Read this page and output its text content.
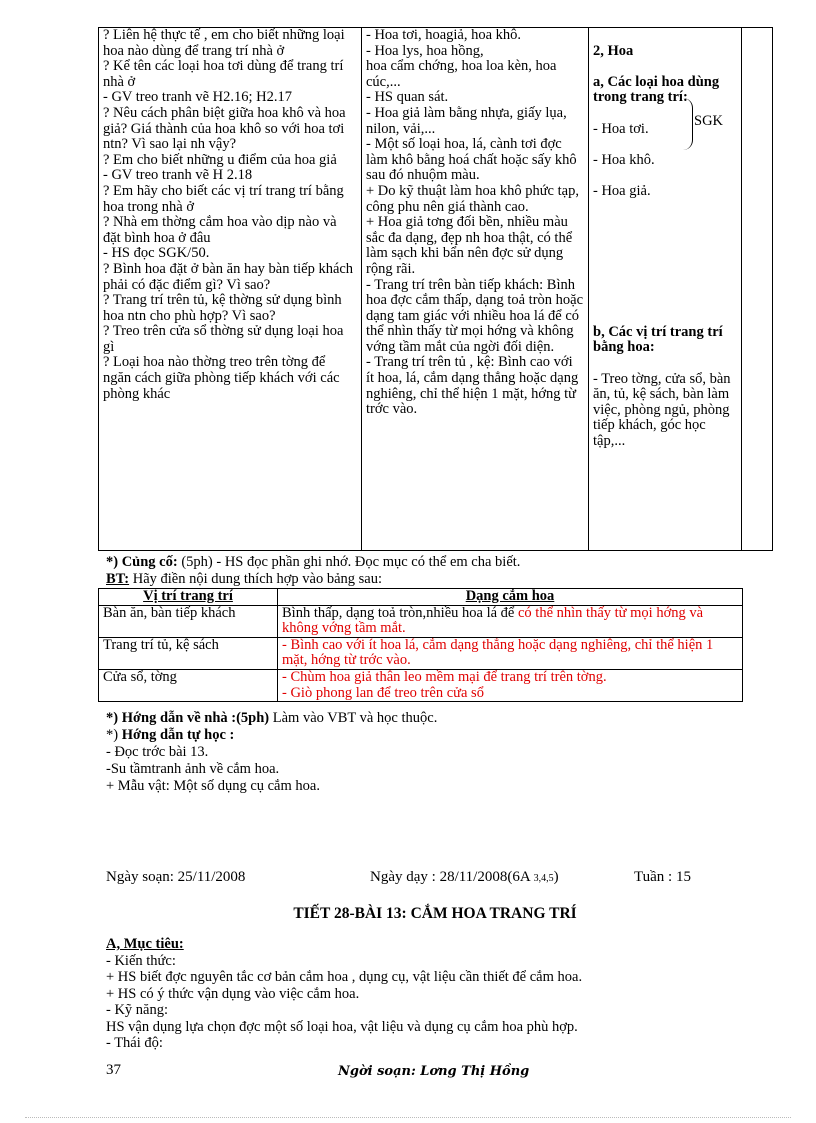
? Liên hệ thực tế , em cho biết những loại hoa nào dùng để trang trí nhà ở
? Kể tên các loại hoa tơi dùng để trang trí nhà ở
- GV treo tranh vẽ H2.16; H2.17
? Nêu cách phân biệt giữa hoa khô và hoa giả? Giá thành của hoa khô so với hoa tơi ntn? Vì sao lại nh vậy?
? Em cho biết những u điểm của hoa giả
- GV treo tranh vẽ H 2.18
? Em hãy cho biết các vị trí trang trí bằng hoa trong nhà ở
? Nhà em thờng cắm hoa vào dịp nào và đặt bình hoa ở đâu
- HS đọc SGK/50.
? Bình hoa đặt ở bàn ăn hay bàn tiếp khách phải có đặc điểm gì? Vì sao?
? Trang trí trên tủ, kệ thờng sử dụng bình hoa ntn cho phù hợp? Vì sao?
? Treo trên cửa sổ thờng sử dụng loại hoa gì
? Loại hoa nào thờng treo trên tờng để ngăn cách giữa phòng tiếp khách với các phòng khác

- Hoa tơi, hoagiả, hoa khô.
- Hoa lys, hoa hồng,
hoa cẩm chớng, hoa loa kèn, hoa cúc,...
- HS quan sát.
- Hoa giả làm bằng nhựa, giấy lụa, nilon, vải,...
- Một số loại hoa, lá, cành tơi đợc làm khô bằng hoá chất hoặc sấy khô sau đó nhuộm màu.
+ Do kỹ thuật làm hoa khô phức tạp, công phu nên giá thành cao.
+ Hoa giả tơng đối bền, nhiều màu sắc đa dạng, đẹp nh hoa thật, có thể làm sạch khi bẩn nên đợc sử dụng rộng rãi.
- Trang trí trên bàn tiếp khách: Bình hoa đợc cắm thấp, dạng toả tròn hoặc dạng tam giác với nhiều hoa lá để có thể nhìn thấy từ mọi hớng và không vớng tầm mắt của ngời đối diện.
- Trang trí trên tủ , kệ: Bình cao với ít hoa, lá, cắm dạng thẳng hoặc dạng nghiêng, chỉ thể hiện 1 mặt, hớng từ trớc vào.

2, Hoa

a, Các loại hoa dùng trong trang trí:

- Hoa tơi.

- Hoa khô.

- Hoa giả.

b, Các vị trí trang trí bằng hoa:

- Treo tờng, cửa sổ, bàn ăn, tủ, kệ sách, bàn làm việc, phòng ngủ, phòng tiếp khách, góc học tập,...

SGK
*) Củng cố: (5ph) - HS đọc phần ghi nhớ. Đọc mục có thể em cha biết.
BT: Hãy điền nội dung thích hợp vào bảng sau:
Vị trí trang trí	Dạng cắm hoa
Bàn ăn, bàn tiếp khách	Bình thấp, dạng toả tròn,nhiều hoa lá để có thể nhìn thấy từ mọi hớng và không vớng tầm mắt.
Trang trí tủ, kệ sách	- Bình cao với ít hoa lá, cắm dạng thẳng hoặc dạng nghiêng, chỉ thể hiện 1 mặt, hớng từ trớc vào.
Cửa sổ, tờng	- Chùm hoa giả thân leo mềm mại để trang trí trên tờng.
- Giò phong lan để treo trên cửa sổ
*) Hớng dẫn về nhà :(5ph) Làm vào VBT và học thuộc.
*) Hớng dẫn tự học :
- Đọc trớc bài 13.
-Su tầmtranh ảnh về cắm hoa.
+ Mẫu vật: Một số dụng cụ cắm hoa.
Ngày soạn: 25/11/2008	Ngày dạy : 28/11/2008(6A 3,4,5)	Tuần : 15
TIẾT 28-BÀI 13: CẮM HOA TRANG TRÍ
A, Mục tiêu:
- Kiến thức:
+ HS biết đợc nguyên tắc cơ bản cắm hoa , dụng cụ, vật liệu cần thiết để cắm hoa.
+ HS có ý thức vận dụng vào việc cắm hoa.
- Kỹ năng:
HS vận dụng lựa chọn đợc một số loại hoa, vật liệu và dụng cụ cắm hoa phù hợp.
- Thái độ:
37	Ngời soạn: Lơng Thị Hồng
